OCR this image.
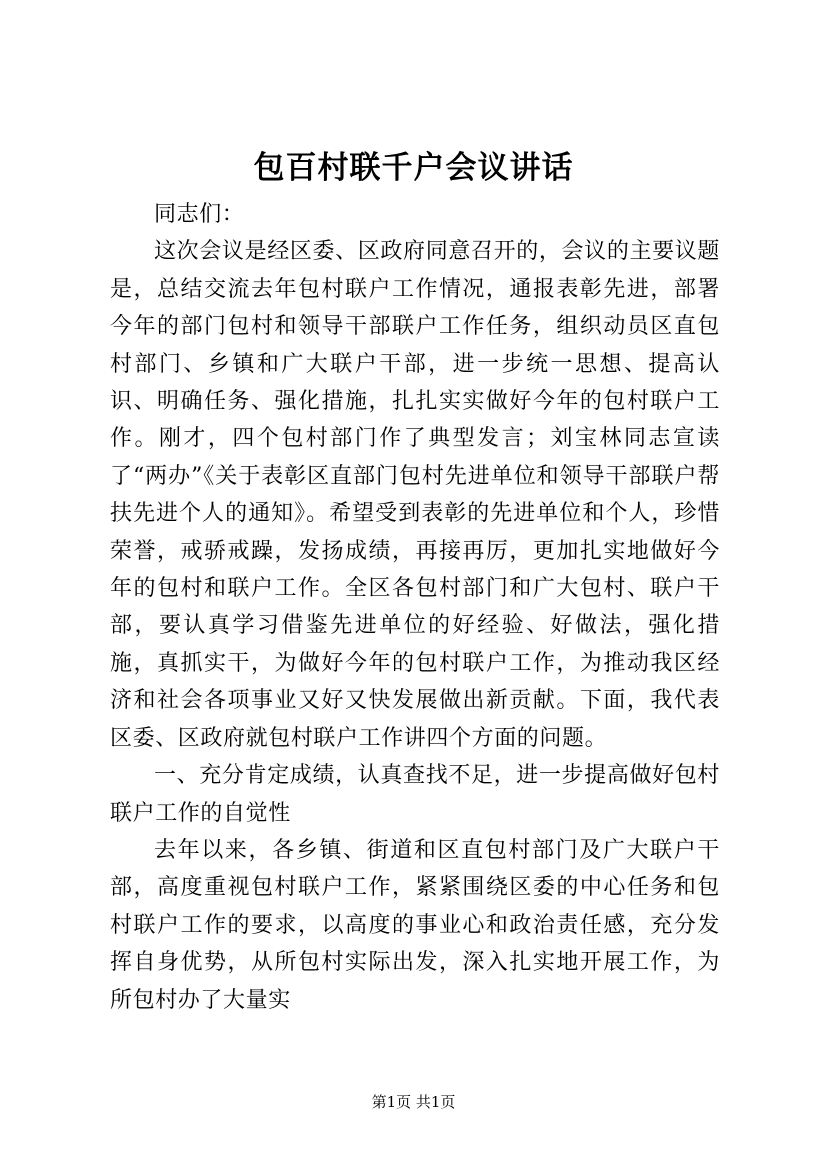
包百村联千户会议讲话

同志们：

这次会议是经区委、区政府同意召开的，会议的主要议题是，总结交流去年包村联户工作情况，通报表彰先进，部署今年的部门包村和领导干部联户工作任务，组织动员区直包村部门、乡镇和广大联户干部，进一步统一思想、提高认识、明确任务、强化措施，扎扎实实做好今年的包村联户工作。刚才，四个包村部门作了典型发言；刘宝林同志宣读了“两办”《关于表彰区直部门包村先进单位和领导干部联户帮扶先进个人的通知》。希望受到表彰的先进单位和个人，珍惜荣誉，戒骄戒躁，发扬成绩，再接再厉，更加扎实地做好今年的包村和联户工作。全区各包村部门和广大包村、联户干部，要认真学习借鉴先进单位的好经验、好做法，强化措施，真抓实干，为做好今年的包村联户工作，为推动我区经济和社会各项事业又好又快发展做出新贡献。下面，我代表区委、区政府就包村联户工作讲四个方面的问题。

一、充分肯定成绩，认真查找不足，进一步提高做好包村联户工作的自觉性

去年以来，各乡镇、街道和区直包村部门及广大联户干部，高度重视包村联户工作，紧紧围绕区委的中心任务和包村联户工作的要求，以高度的事业心和政治责任感，充分发挥自身优势，从所包村实际出发，深入扎实地开展工作，为所包村办了大量实

第1页 共1页
